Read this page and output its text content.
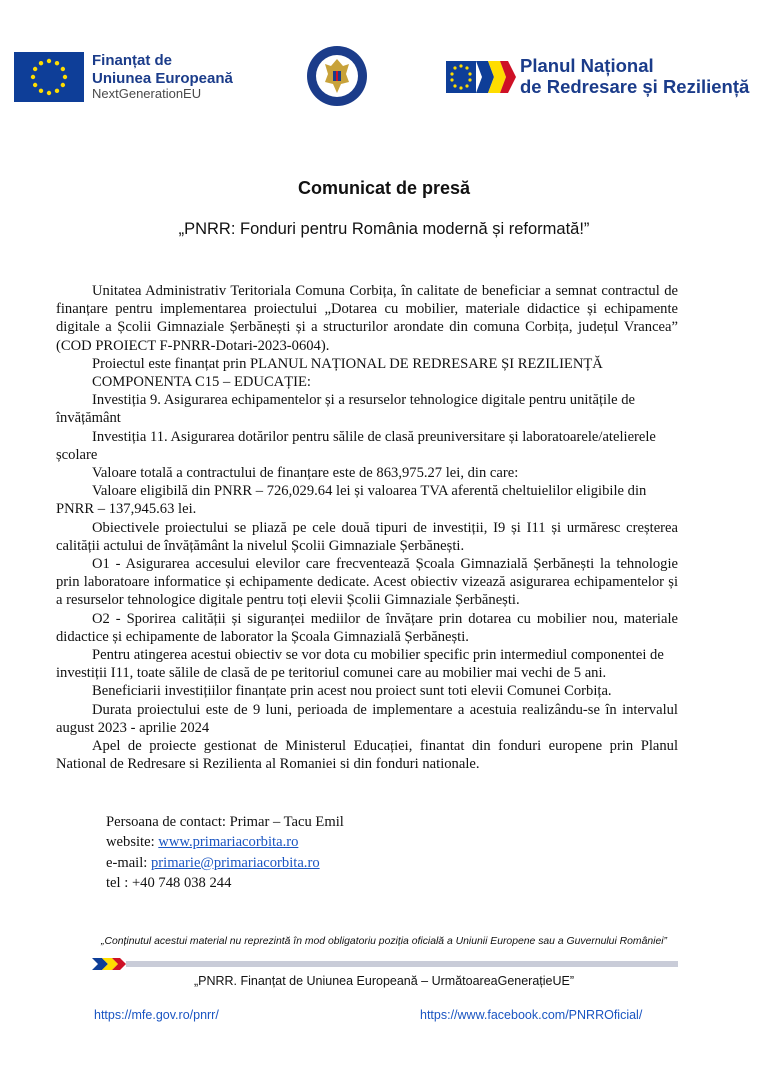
Finanțat de
Uniunea Europeană
NextGenerationEU
Planul Național
de Redresare și Reziliență
Comunicat de presă
„PNRR: Fonduri pentru România modernă și reformată!”

Unitatea Administrativ Teritoriala Comuna Corbița, în calitate de beneficiar a semnat contractul de finanțare pentru implementarea proiectului „Dotarea cu mobilier, materiale didactice și echipamente digitale a Școlii Gimnaziale Șerbănești și a structurilor arondate din comuna Corbița, județul Vrancea” (COD PROIECT F-PNRR-Dotari-2023-0604).

Proiectul este finanțat prin PLANUL NAȚIONAL DE REDRESARE ȘI REZILIENȚĂ

COMPONENTA C15 – EDUCAȚIE:

Investiția 9. Asigurarea echipamentelor și a resurselor tehnologice digitale pentru unitățile de învățământ

Investiția 11. Asigurarea dotărilor pentru sălile de clasă preuniversitare și laboratoarele/atelierele școlare

Valoare totală a contractului de finanțare este de 863,975.27 lei, din care:

Valoare eligibilă din PNRR – 726,029.64 lei și valoarea TVA aferentă cheltuielilor eligibile din PNRR – 137,945.63 lei.

Obiectivele proiectului se pliază pe cele două tipuri de investiții, I9 și I11 și urmăresc creșterea calității actului de învățământ la nivelul Școlii Gimnaziale Șerbănești.

O1 - Asigurarea accesului elevilor care frecventează Școala Gimnazială Șerbănești la tehnologie prin laboratoare informatice și echipamente dedicate. Acest obiectiv vizează asigurarea echipamentelor și a resurselor tehnologice digitale pentru toți elevii Școlii Gimnaziale Șerbănești.

O2 - Sporirea calității și siguranței mediilor de învățare prin dotarea cu mobilier nou, materiale didactice și echipamente de laborator la Școala Gimnazială Șerbănești.

Pentru atingerea acestui obiectiv se vor dota cu mobilier specific prin intermediul componentei de investiții I11, toate sălile de clasă de pe teritoriul comunei care au mobilier mai vechi de 5 ani.

Beneficiarii investițiilor finanțate prin acest nou proiect sunt toti elevii Comunei Corbița.

Durata proiectului este de 9 luni, perioada de implementare a acestuia realizându-se în intervalul august 2023 - aprilie 2024

Apel de proiecte gestionat de Ministerul Educației, finantat din fonduri europene prin Planul National de Redresare si Rezilienta al Romaniei si din fonduri nationale.

Persoana de contact: Primar – Tacu Emil
website: www.primariacorbita.ro
e-mail: primarie@primariacorbita.ro
tel : +40 748 038 244
„Conținutul acestui material nu reprezintă în mod obligatoriu poziția oficială a Uniunii Europene sau a Guvernului României”
„PNRR. Finanțat de Uniunea Europeană – UrmătoareaGenerațieUE”
https://mfe.gov.ro/pnrr/	https://www.facebook.com/PNRROficial/
